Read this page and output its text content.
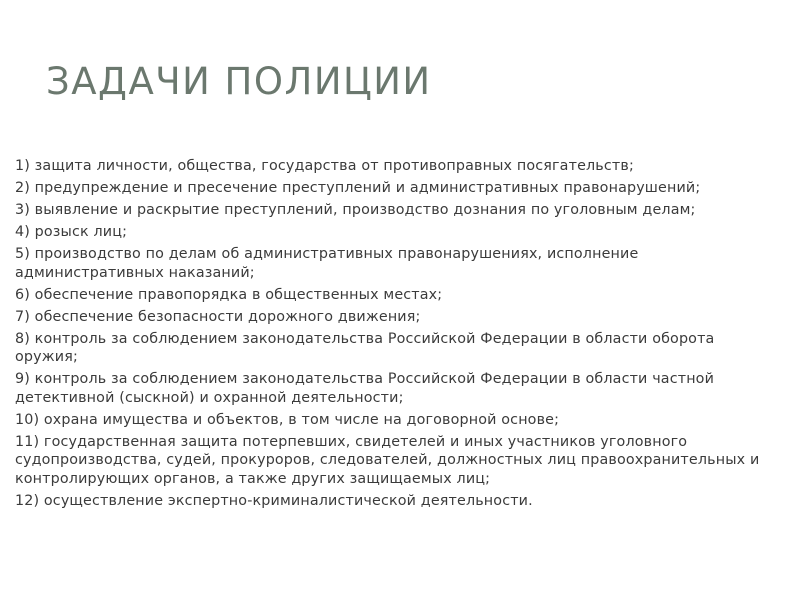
ЗАДАЧИ ПОЛИЦИИ
1) защита личности, общества, государства от противоправных посягательств;
2) предупреждение и пресечение преступлений и административных правонарушений;
3) выявление и раскрытие преступлений, производство дознания по уголовным делам;
4) розыск лиц;
5) производство по делам об административных правонарушениях, исполнение административных наказаний;
6) обеспечение правопорядка в общественных местах;
7) обеспечение безопасности дорожного движения;
8) контроль за соблюдением законодательства Российской Федерации в области оборота оружия;
9) контроль за соблюдением законодательства Российской Федерации в области частной детективной (сыскной) и охранной деятельности;
10) охрана имущества и объектов, в том числе на договорной основе;
11) государственная защита потерпевших, свидетелей и иных участников уголовного судопроизводства, судей, прокуроров, следователей, должностных лиц правоохранительных и контролирующих органов, а также других защищаемых лиц;
12) осуществление экспертно-криминалистической деятельности.
